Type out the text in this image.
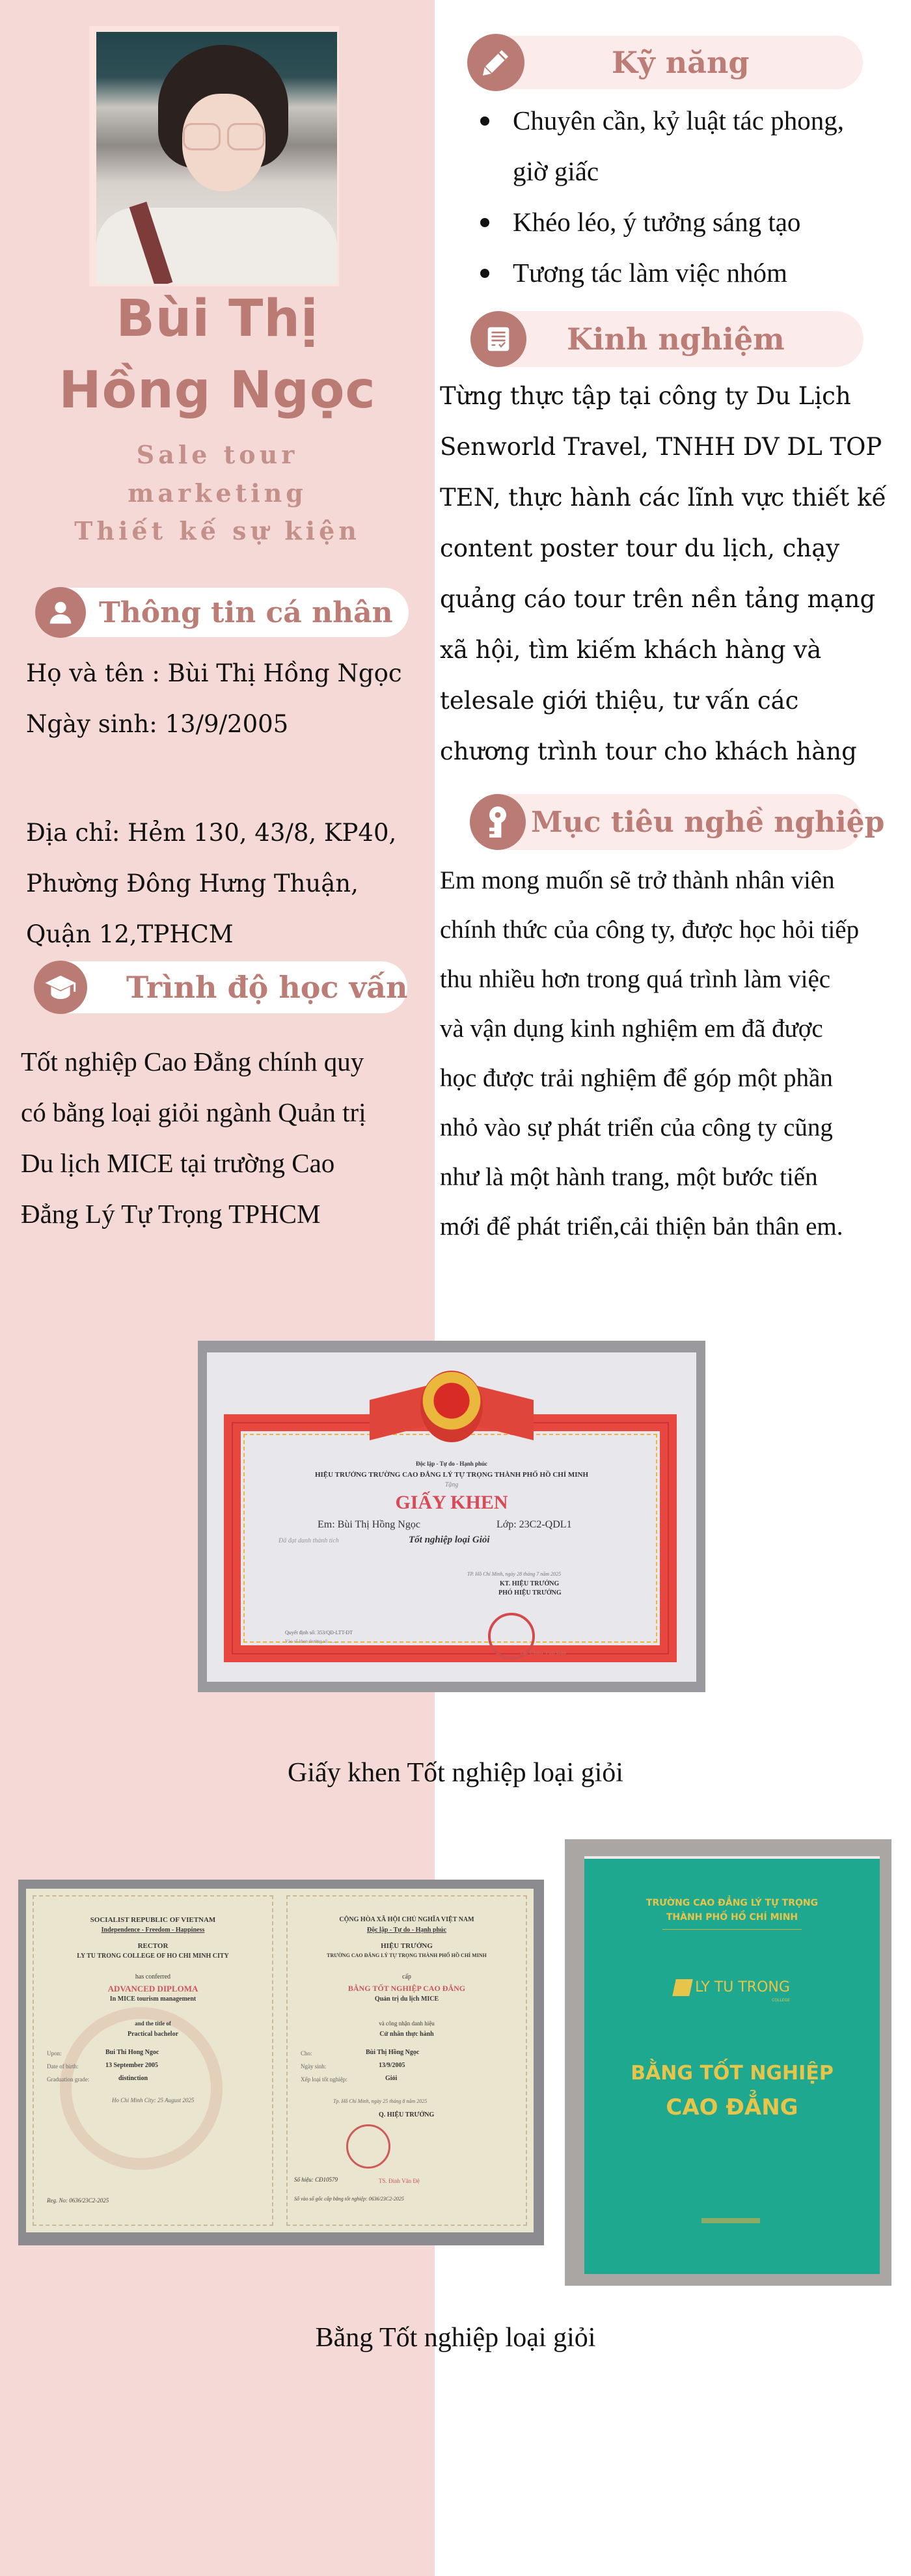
Bùi Thị
Hồng Ngọc
Sale tour
marketing
Thiết kế sự kiện
Thông tin cá nhân
Họ và tên : Bùi Thị Hồng Ngọc
Ngày sinh: 13/9/2005
Địa chỉ: Hẻm 130, 43/8, KP40,
Phường Đông Hưng Thuận,
Quận 12,TPHCM
Trình độ học vấn
Tốt nghiệp Cao Đẳng chính quy
có bằng loại giỏi ngành Quản trị
Du lịch MICE tại trường Cao
Đẳng Lý Tự Trọng TPHCM
Kỹ năng
Chuyên cần, kỷ luật tác phong,
giờ giấc
Khéo léo, ý tưởng sáng tạo
Tương tác làm việc nhóm
Kinh nghiệm
Từng thực tập tại công ty Du Lịch
Senworld Travel, TNHH DV DL TOP
TEN, thực hành các lĩnh vực thiết kế
content poster tour du lịch, chạy
quảng cáo tour trên nền tảng mạng
xã hội, tìm kiếm khách hàng và
telesale giới thiệu, tư vấn các
chương trình tour cho khách hàng
Mục tiêu nghề nghiệp
Em mong muốn sẽ trở thành nhân viên
chính thức của công ty, được học hỏi tiếp
thu nhiều hơn trong quá trình làm việc
và vận dụng kinh nghiệm em đã được
học được trải nghiệm để góp một phần
nhỏ vào sự phát triển của công ty cũng
như là một hành trang, một bước tiến
mới để phát triển,cải thiện bản thân em.
Độc lập - Tự do - Hạnh phúc
HIỆU TRƯỞNG TRƯỜNG CAO ĐẲNG LÝ TỰ TRỌNG THÀNH PHỐ HỒ CHÍ MINH
Tặng
GIẤY KHEN
Em: Bùi Thị Hồng Ngọc	Lớp: 23C2-QDL1
Đã đạt danh thành tích	Tốt nghiệp loại Giỏi
TP. Hồ Chí Minh, ngày 28 tháng 7 năm 2025
KT. HIỆU TRƯỞNG
PHÓ HIỆU TRƯỞNG
TS. Châu Văn Bảo
Quyết định số: 353/QĐ-LTT-ĐT
Vào sổ khen thưởng số: ........
Giấy khen Tốt nghiệp loại giỏi
SOCIALIST REPUBLIC OF VIETNAM
Independence - Freedom - Happiness
RECTOR
LY TU TRONG COLLEGE OF HO CHI MINH CITY
has conferred
ADVANCED DIPLOMA
In MICE tourism management
and the title of
Practical bachelor
Upon:	Bui Thi Hong Ngoc
Date of birth:	13 September 2005
Graduation grade:	distinction
Ho Chi Minh City: 25 August 2025
Reg. No: 0636/23C2-2025
CỘNG HÒA XÃ HỘI CHỦ NGHĨA VIỆT NAM
Độc lập - Tự do - Hạnh phúc
HIỆU TRƯỞNG
TRƯỜNG CAO ĐẲNG LÝ TỰ TRỌNG THÀNH PHỐ HỒ CHÍ MINH
cấp
BẰNG TỐT NGHIỆP CAO ĐẲNG
Quản trị du lịch MICE
và công nhận danh hiệu
Cử nhân thực hành
Cho:	Bùi Thị Hồng Ngọc
Ngày sinh:	13/9/2005
Xếp loại tốt nghiệp:	Giỏi
Tp. Hồ Chí Minh, ngày 25 tháng 8 năm 2025
Q. HIỆU TRƯỞNG
Số hiệu: CĐ10579	TS. Đinh Văn Đệ
Số vào sổ gốc cấp bằng tốt nghiệp: 0636/23C2-2025
TRƯỜNG CAO ĐẲNG LÝ TỰ TRỌNG
THÀNH PHỐ HỒ CHÍ MINH
LY TU TRONG
COLLEGE
BẰNG TỐT NGHIỆP
CAO ĐẲNG
Bằng Tốt nghiệp loại giỏi
